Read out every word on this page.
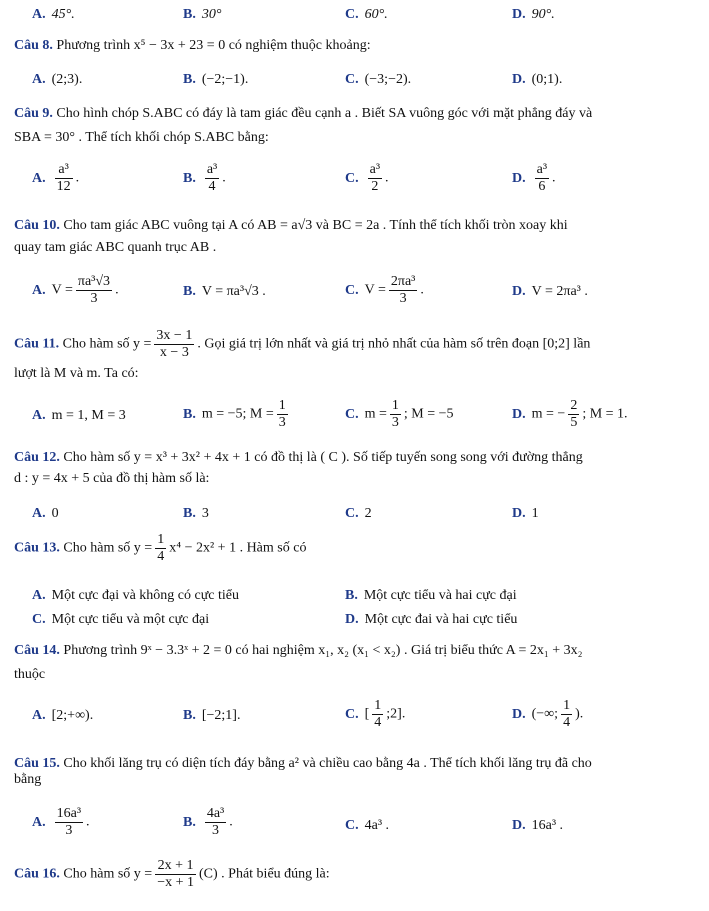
A. 45°.	B. 30°	C. 60°.	D. 90°.
Câu 8. Phương trình x⁵ − 3x + 23 = 0 có nghiệm thuộc khoảng:
A. (2;3).	B. (−2;−1).	C. (−3;−2).	D. (0;1).
Câu 9. Cho hình chóp S.ABC có đáy là tam giác đều cạnh a . Biết SA vuông góc với mặt phẳng đáy và
SBA = 30° . Thể tích khối chóp S.ABC bằng:
A. $\frac{\text{a³}}{12}$ .	B. $\frac{\text{a³}}{4}$ .	C. $\frac{\text{a³}}{2}$ .	D. $\frac{\text{a³}}{6}$ .
Câu 10. Cho tam giác ABC vuông tại A có AB = a√3 và BC = 2a . Tính thể tích khối tròn xoay khi
quay tam giác ABC quanh trục AB .
A. $V = \frac{\text{πa³√3}}{3}$ .	B. V = πa³√3 .	C. $V = \frac{\text{2πa³}}{3}$ .	D. V = 2πa³ .
Câu 11. Cho hàm số $y = \frac{3x - 1}{x - 3}$ . Gọi giá trị lớn nhất và giá trị nhỏ nhất của hàm số trên đoạn [0;2] lần
lượt là M và m. Ta có:
A. m = 1, M = 3	B. m = −5; $M = \frac{1}{3}$	C. $m = \frac{1}{3}$ ; M = −5	D. m = − $\frac{2}{5}$ ; M = 1.
Câu 12. Cho hàm số y = x³ + 3x² + 4x + 1 có đồ thị là ( C ). Số tiếp tuyến song song với đường thẳng
d : y = 4x + 5 của đồ thị hàm số là:
A. 0	B. 3	C. 2	D. 1
Câu 13. Cho hàm số $y = \frac{1}{4} x^4 - 2x^2 + 1$ . Hàm số có
A. Một cực đại và không có cực tiểu	B. Một cực tiểu và hai cực đại
C. Một cực tiểu và một cực đại	D. Một cực đai và hai cực tiểu
Câu 14. Phương trình 9ˣ − 3.3ˣ + 2 = 0 có hai nghiệm x₁, x₂ (x₁ < x₂) . Giá trị biểu thức A = 2x₁ + 3x₂
thuộc
A. [2;+∞).	B. [−2;1].	C. [ $\frac{1}{4}$ ;2].	D. (−∞; $\frac{1}{4}$ ).
Câu 15. Cho khối lăng trụ có diện tích đáy bằng a² và chiều cao bằng 4a . Thể tích khối lăng trụ đã cho
bằng
A. $\frac{\text{16a³}}{3}$ .	B. $\frac{\text{4a³}}{3}$ .	C. 4a³ .	D. 16a³ .
Câu 16. Cho hàm số $y = \frac{2x + 1}{-x + 1} (C)$ . Phát biểu đúng là:
